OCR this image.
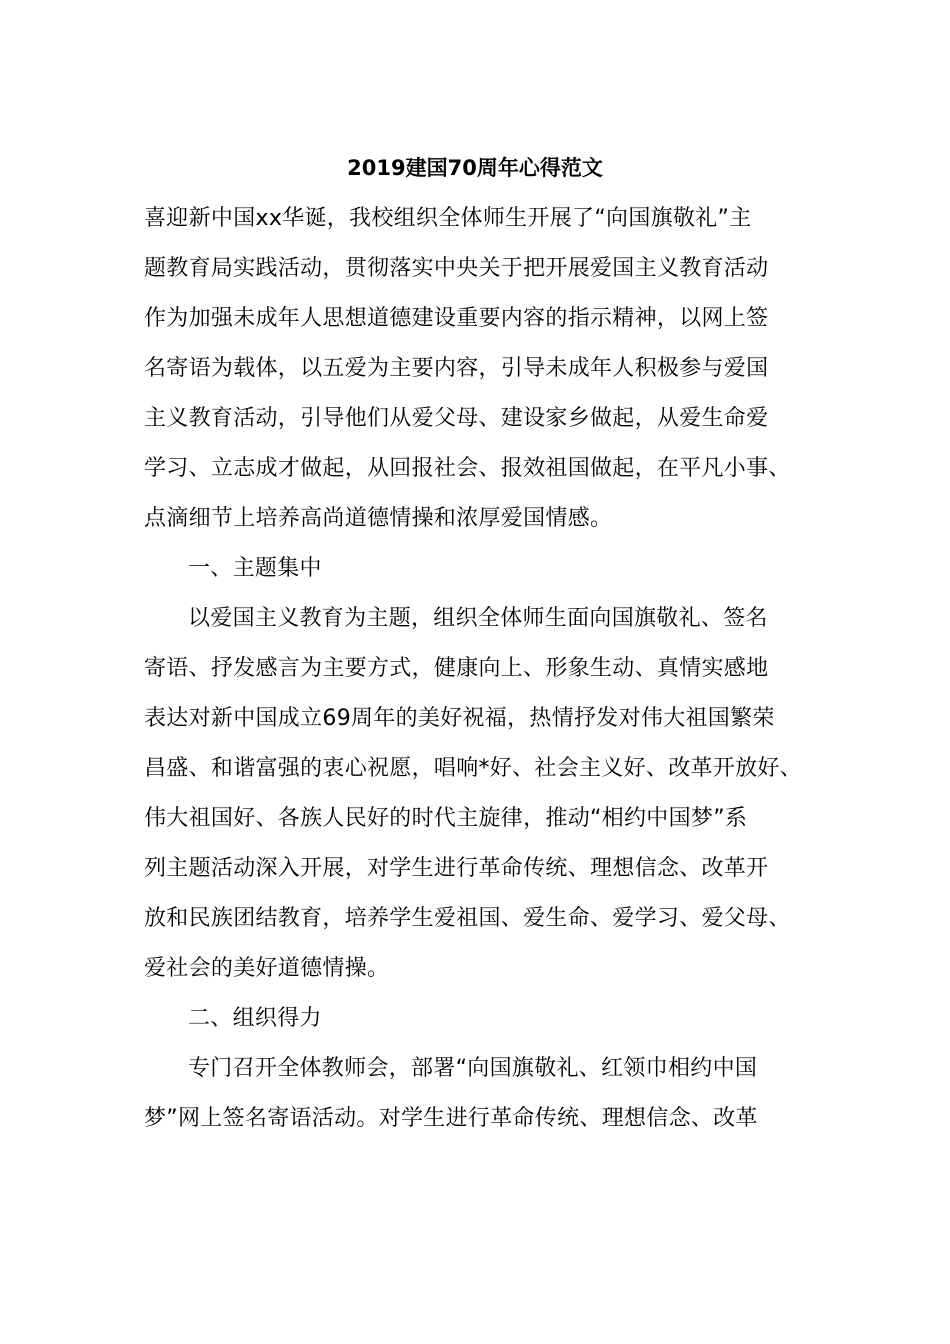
2019建国70周年心得范文
喜迎新中国xx华诞，我校组织全体师生开展了“向国旗敬礼”主
题教育局实践活动，贯彻落实中央关于把开展爱国主义教育活动
作为加强未成年人思想道德建设重要内容的指示精神，以网上签
名寄语为载体，以五爱为主要内容，引导未成年人积极参与爱国
主义教育活动，引导他们从爱父母、建设家乡做起，从爱生命爱
学习、立志成才做起，从回报社会、报效祖国做起，在平凡小事、
点滴细节上培养高尚道德情操和浓厚爱国情感。
一、主题集中
以爱国主义教育为主题，组织全体师生面向国旗敬礼、签名
寄语、抒发感言为主要方式，健康向上、形象生动、真情实感地
表达对新中国成立69周年的美好祝福，热情抒发对伟大祖国繁荣
昌盛、和谐富强的衷心祝愿，唱响*好、社会主义好、改革开放好、
伟大祖国好、各族人民好的时代主旋律，推动“相约中国梦”系
列主题活动深入开展，对学生进行革命传统、理想信念、改革开
放和民族团结教育，培养学生爱祖国、爱生命、爱学习、爱父母、
爱社会的美好道德情操。
二、组织得力
专门召开全体教师会，部署“向国旗敬礼、红领巾相约中国
梦”网上签名寄语活动。对学生进行革命传统、理想信念、改革
